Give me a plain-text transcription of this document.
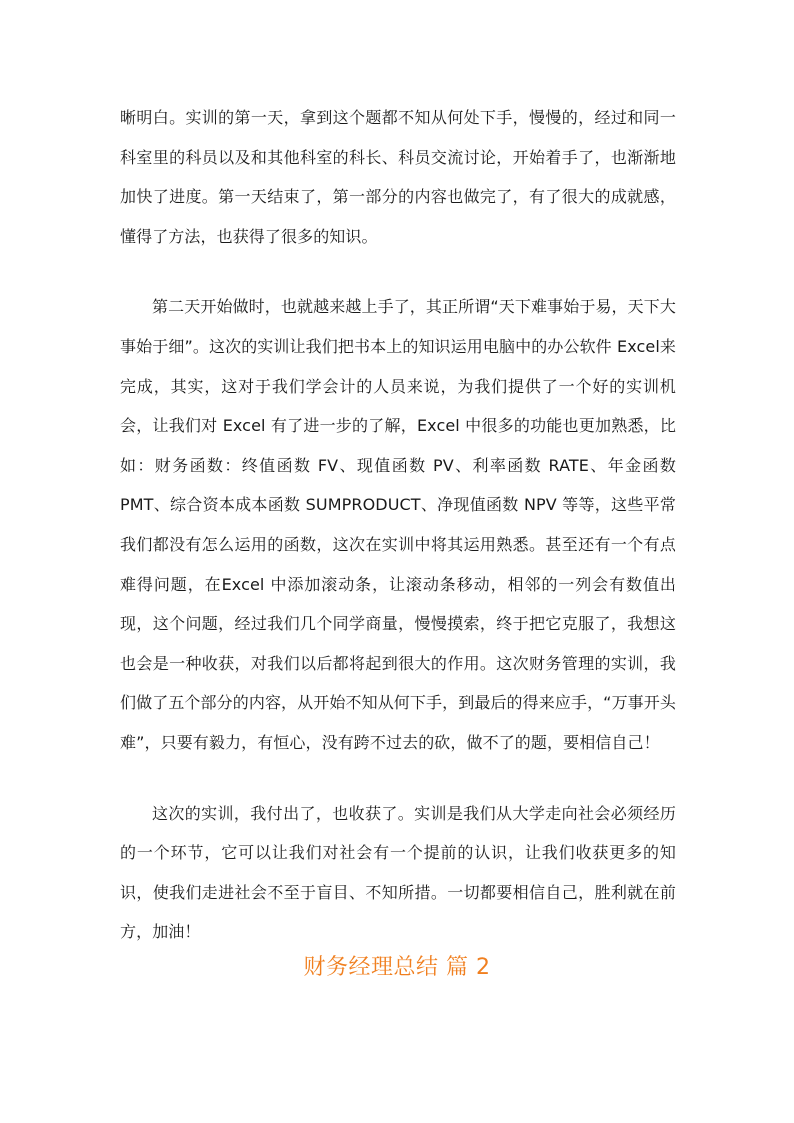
晰明白。实训的第一天，拿到这个题都不知从何处下手，慢慢的，经过和同一科室里的科员以及和其他科室的科长、科员交流讨论，开始着手了，也渐渐地加快了进度。第一天结束了，第一部分的内容也做完了，有了很大的成就感，懂得了方法，也获得了很多的知识。

第二天开始做时，也就越来越上手了，其正所谓“天下难事始于易，天下大事始于细”。这次的实训让我们把书本上的知识运用电脑中的办公软件 Excel来完成，其实，这对于我们学会计的人员来说，为我们提供了一个好的实训机会，让我们对 Excel 有了进一步的了解，Excel 中很多的功能也更加熟悉，比如：财务函数：终值函数 FV、现值函数 PV、利率函数 RATE、年金函数 PMT、综合资本成本函数 SUMPRODUCT、净现值函数 NPV 等等，这些平常我们都没有怎么运用的函数，这次在实训中将其运用熟悉。甚至还有一个有点难得问题，在Excel 中添加滚动条，让滚动条移动，相邻的一列会有数值出现，这个问题，经过我们几个同学商量，慢慢摸索，终于把它克服了，我想这也会是一种收获，对我们以后都将起到很大的作用。这次财务管理的实训，我们做了五个部分的内容，从开始不知从何下手，到最后的得来应手，“万事开头难”，只要有毅力，有恒心，没有跨不过去的砍，做不了的题，要相信自己！

这次的实训，我付出了，也收获了。实训是我们从大学走向社会必须经历的一个环节，它可以让我们对社会有一个提前的认识，让我们收获更多的知识，使我们走进社会不至于盲目、不知所措。一切都要相信自己，胜利就在前方，加油！

财务经理总结 篇 2
